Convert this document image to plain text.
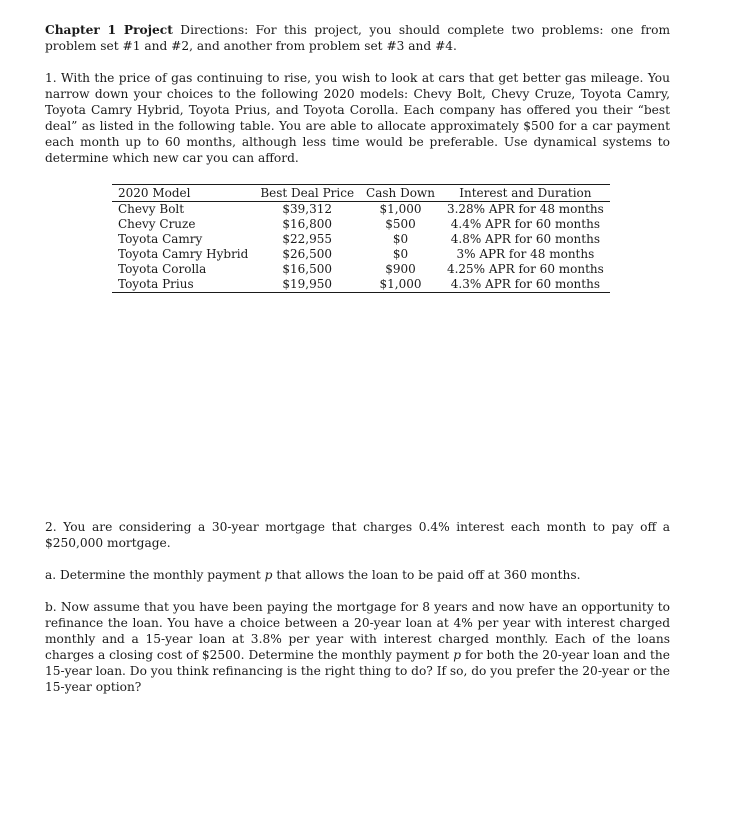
Chapter 1 Project Directions: For this project, you should complete two problems: one from problem set #1 and #2, and another from problem set #3 and #4.

1. With the price of gas continuing to rise, you wish to look at cars that get better gas mileage. You narrow down your choices to the following 2020 models: Chevy Bolt, Chevy Cruze, Toyota Camry, Toyota Camry Hybrid, Toyota Prius, and Toyota Corolla. Each company has offered you their “best deal” as listed in the following table. You are able to allocate approximately $500 for a car payment each month up to 60 months, although less time would be preferable. Use dynamical systems to determine which new car you can afford.

2020 Model	Best Deal Price	Cash Down	Interest and Duration
Chevy Bolt	$39,312	$1,000	3.28% APR for 48 months
Chevy Cruze	$16,800	$500	4.4% APR for 60 months
Toyota Camry	$22,955	$0	4.8% APR for 60 months
Toyota Camry Hybrid	$26,500	$0	3% APR for 48 months
Toyota Corolla	$16,500	$900	4.25% APR for 60 months
Toyota Prius	$19,950	$1,000	4.3% APR for 60 months

2. You are considering a 30-year mortgage that charges 0.4% interest each month to pay off a $250,000 mortgage.

a. Determine the monthly payment p that allows the loan to be paid off at 360 months.

b. Now assume that you have been paying the mortgage for 8 years and now have an opportunity to refinance the loan. You have a choice between a 20-year loan at 4% per year with interest charged monthly and a 15-year loan at 3.8% per year with interest charged monthly. Each of the loans charges a closing cost of $2500. Determine the monthly payment p for both the 20-year loan and the 15-year loan. Do you think refinancing is the right thing to do? If so, do you prefer the 20-year or the 15-year option?
